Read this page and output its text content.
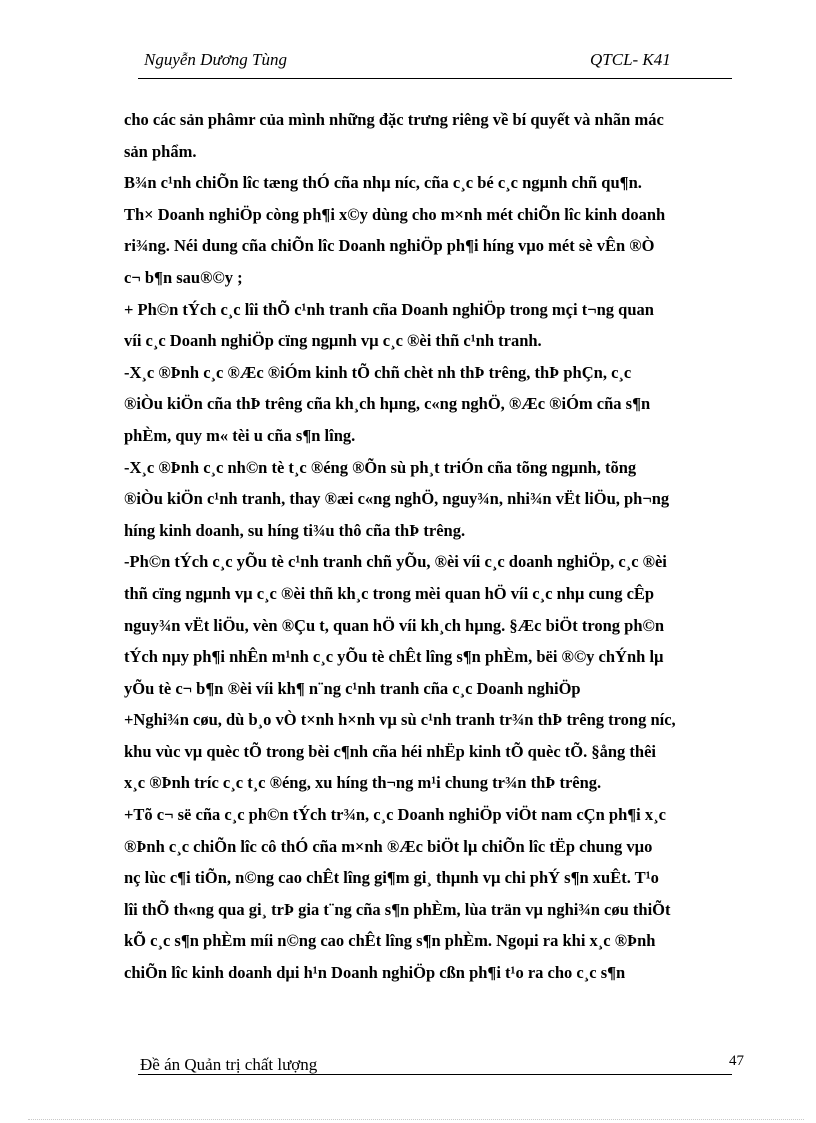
Nguyễn Dương Tùng	QTCL- K41
cho các sản phâmr của mình những đặc trưng riêng về bí quyết và nhãn mác
sản phẩm.
B¾n c¹nh chiÕn lîc tæng thÓ cña nhµ níc, cña c¸c bé c¸c ngµnh chñ qu¶n.
Th× Doanh nghiÖp còng ph¶i x©y dùng cho m×nh mét chiÕn lîc kinh doanh
ri¾ng. Néi dung cña chiÕn lîc Doanh nghiÖp ph¶i híng vµo mét sè vÊn ®Ò
c¬ b¶n sau®©y ;
+ Ph©n tÝch c¸c lîi thÕ c¹nh tranh cña Doanh nghiÖp trong mçi t¬ng quan
víi c¸c Doanh nghiÖp cïng ngµnh vµ c¸c ®èi thñ c¹nh tranh.
-X¸c ®Þnh c¸c ®Æc ®iÓm kinh tÕ chñ chèt nh thÞ trêng, thÞ phÇn, c¸c
®iÒu kiÖn cña thÞ trêng cña kh¸ch hµng, c«ng nghÖ, ®Æc ®iÓm cña s¶n
phÈm, quy m« tèi u cña s¶n lîng.
-X¸c ®Þnh c¸c nh©n tè t¸c ®éng ®Õn sù ph¸t triÓn cña tõng ngµnh, tõng
®iÒu kiÖn c¹nh tranh, thay ®æi c«ng nghÖ, nguy¾n, nhi¾n vËt liÖu, ph¬ng
híng kinh doanh, su híng ti¾u thô cña thÞ trêng.
-Ph©n tÝch c¸c yÕu tè c¹nh tranh chñ yÕu, ®èi víi c¸c doanh nghiÖp, c¸c ®èi
thñ cïng ngµnh vµ c¸c ®èi thñ kh¸c trong mèi quan hÖ víi c¸c nhµ cung cÊp
nguy¾n vËt liÖu, vèn ®Çu t, quan hÖ víi kh¸ch hµng. §Æc biÖt trong ph©n
tÝch nµy ph¶i nhÊn m¹nh c¸c yÕu tè chÊt lîng s¶n phÈm, bëi ®©y chÝnh lµ
yÕu tè c¬ b¶n ®èi víi kh¶ n¨ng c¹nh tranh cña c¸c Doanh nghiÖp
+Nghi¾n cøu, dù b¸o vÒ t×nh h×nh vµ sù c¹nh tranh tr¾n thÞ trêng trong níc,
khu vùc vµ quèc tÕ trong bèi c¶nh cña héi nhËp kinh tÕ quèc tÕ. §ång thêi
x¸c ®Þnh tríc c¸c t¸c ®éng, xu híng th¬ng m¹i chung tr¾n thÞ trêng.
+Tõ c¬ së cña c¸c ph©n tÝch tr¾n, c¸c Doanh nghiÖp viÖt nam cÇn ph¶i x¸c
®Þnh c¸c chiÕn lîc cô thÓ cña m×nh ®Æc biÖt lµ chiÕn lîc tËp chung vµo
nç lùc c¶i tiÕn, n©ng cao chÊt lîng gi¶m gi¸ thµnh vµ chi phÝ s¶n xuÊt. T¹o
lîi thÕ th«ng qua gi¸ trÞ gia t¨ng cña s¶n phÈm, lùa trän vµ nghi¾n cøu thiÕt
kÕ c¸c s¶n phÈm míi n©ng cao chÊt lîng s¶n phÈm. Ngoµi ra khi x¸c ®Þnh
chiÕn lîc kinh doanh dµi h¹n Doanh nghiÖp cßn ph¶i t¹o ra cho c¸c s¶n
Đề án Quản trị chất lượng	47
